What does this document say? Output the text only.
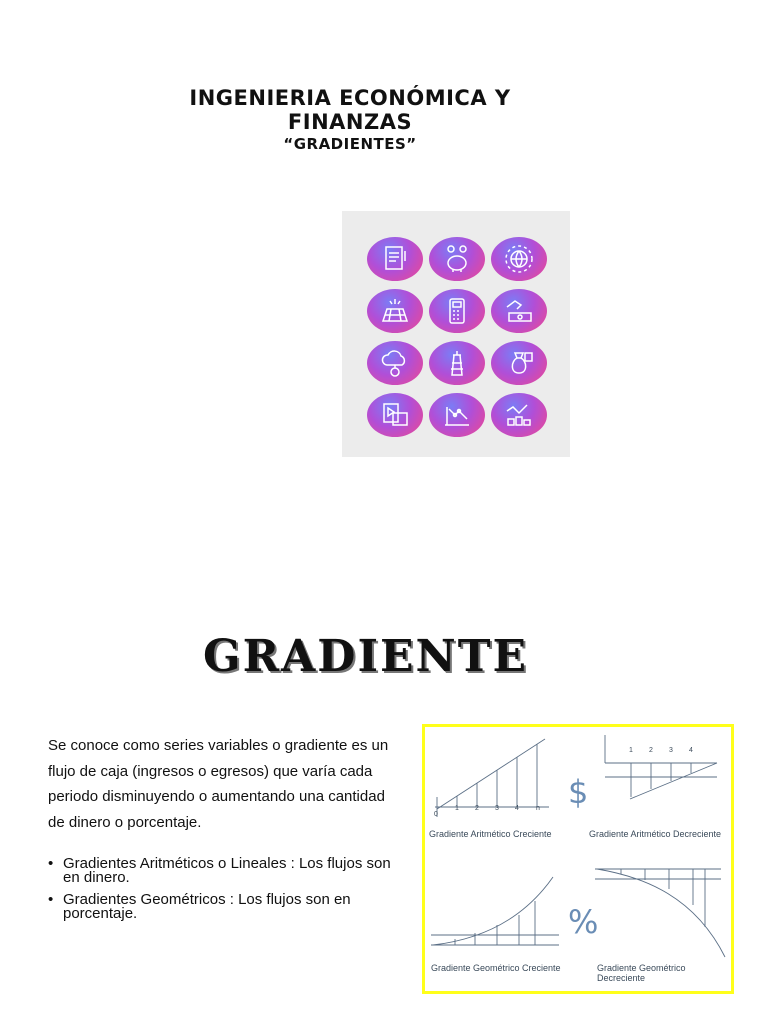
INGENIERIA ECONÓMICA Y
FINANZAS
“GRADIENTES”
GRADIENTE
Se conoce como series variables o gradiente es un flujo de caja (ingresos o egresos) que varía cada periodo disminuyendo o aumentando una cantidad de dinero o porcentaje.
• Gradientes Aritméticos o Lineales : Los flujos son en dinero.
• Gradientes Geométricos : Los flujos son en porcentaje.
Gradiente Aritmético Creciente	Gradiente Aritmético Decreciente
Gradiente Geométrico Creciente	Gradiente Geométrico Decreciente
0
1 2 3 4 n
1 2 3 4
$
%
